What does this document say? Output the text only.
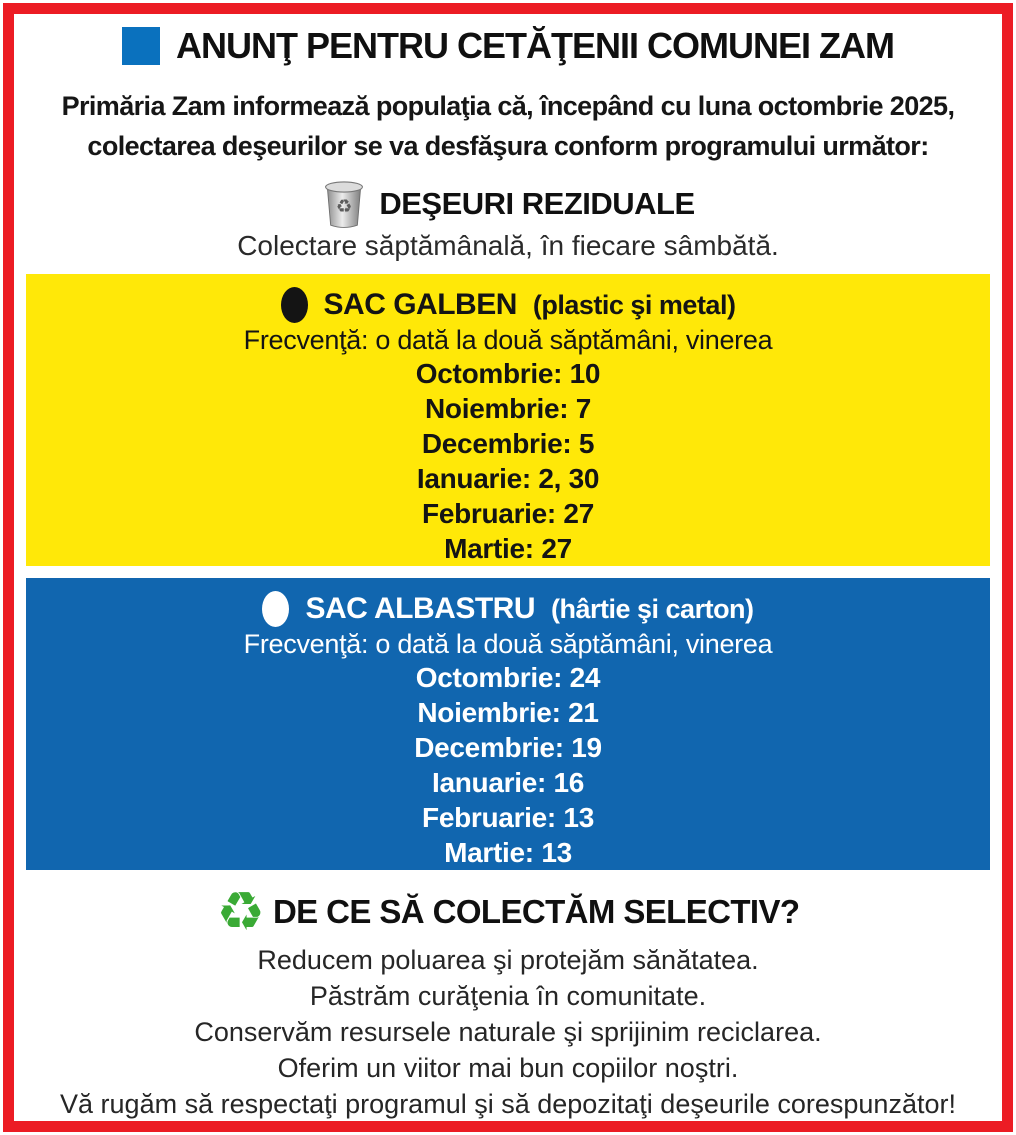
ANUNŢ PENTRU CETĂŢENII COMUNEI ZAM
Primăria Zam informează populaţia că, începând cu luna octombrie 2025,
colectarea deşeurilor se va desfăşura conform programului următor:
♻ DEŞEURI REZIDUALE

Colectare săptămânală, în fiecare sâmbătă.

SAC GALBEN (plastic şi metal)
Frecvenţă: o dată la două săptămâni, vinerea
Octombrie: 10
Noiembrie: 7
Decembrie: 5
Ianuarie: 2, 30
Februarie: 27
Martie: 27
SAC ALBASTRU (hârtie şi carton)
Frecvenţă: o dată la două săptămâni, vinerea
Octombrie: 24
Noiembrie: 21
Decembrie: 19
Ianuarie: 16
Februarie: 13
Martie: 13
♻ DE CE SĂ COLECTĂM SELECTIV?
Reducem poluarea şi protejăm sănătatea.
Păstrăm curăţenia în comunitate.
Conservăm resursele naturale şi sprijinim reciclarea.
Oferim un viitor mai bun copiilor noştri.
Vă rugăm să respectaţi programul şi să depozitaţi deşeurile corespunzător!
